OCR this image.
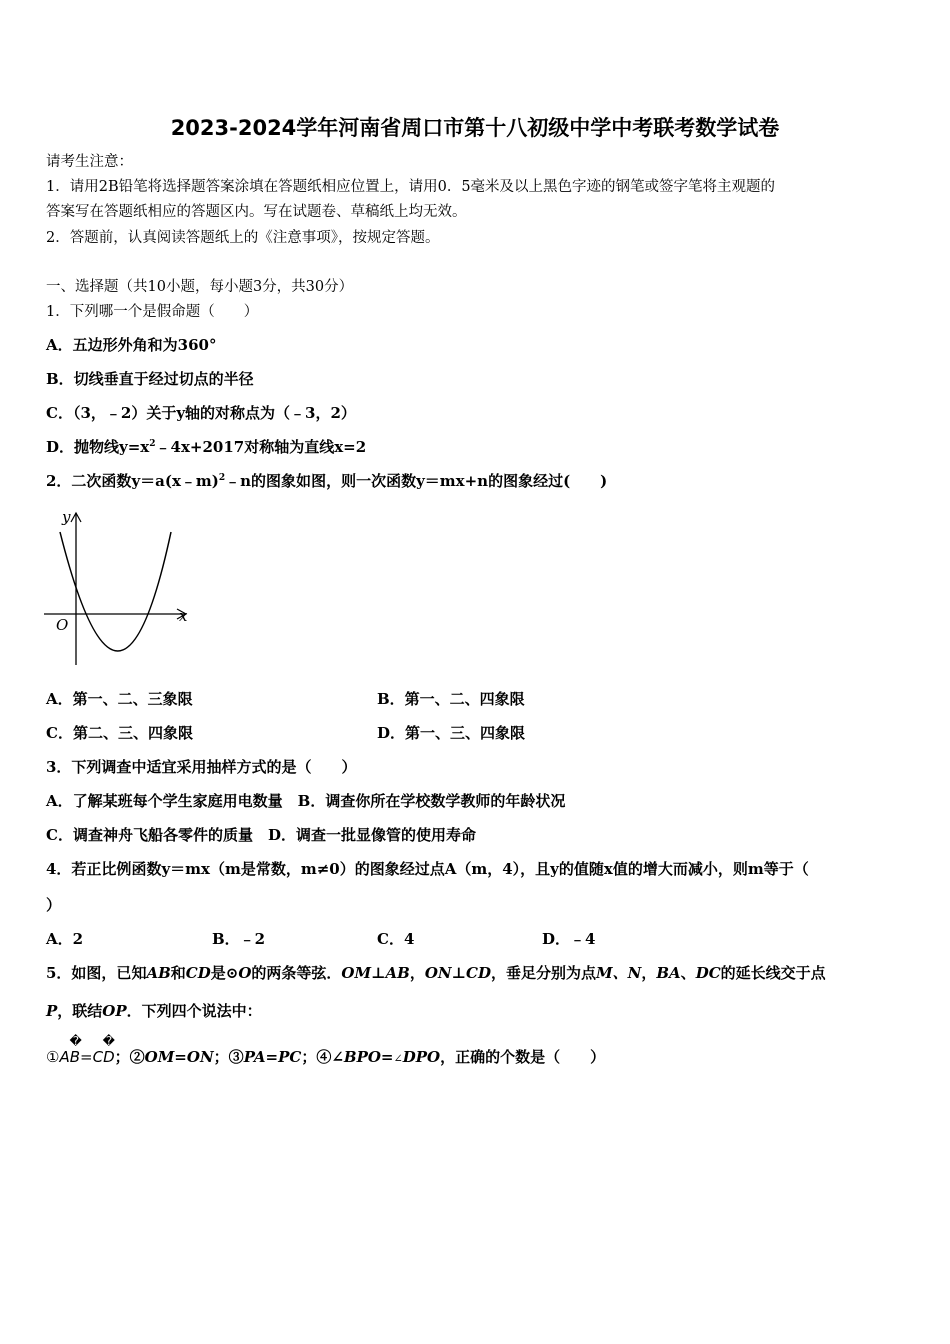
2023-2024学年河南省周口市第十八初级中学中考联考数学试卷
请考生注意：
1．请用2B铅笔将选择题答案涂填在答题纸相应位置上，请用0．5毫米及以上黑色字迹的钢笔或签字笔将主观题的
答案写在答题纸相应的答题区内。写在试题卷、草稿纸上均无效。
2．答题前，认真阅读答题纸上的《注意事项》，按规定答题。
一、选择题（共10小题，每小题3分，共30分）
1．下列哪一个是假命题（　　）
A．五边形外角和为360°
B．切线垂直于经过切点的半径
C．（3，﹣2）关于y轴的对称点为（﹣3，2）
D．抛物线$y=x^2﹣4x+2017$对称轴为直线x=2
2．二次函数y＝a(x﹣m)$^2$﹣n的图象如图，则一次函数y＝mx+n的图象经过(　　)
y
x
O
A．第一、二、三象限	B．第一、二、四象限
C．第二、三、四象限	D．第一、三、四象限
3．下列调查中适宜采用抽样方式的是（　　）
A．了解某班每个学生家庭用电数量　B．调查你所在学校数学教师的年龄状况
C．调查神舟飞船各零件的质量　D．调查一批显像管的使用寿命
4．若正比例函数y＝mx（m是常数，m≠0）的图象经过点A（m，4），且y的值随x值的增大而减小，则m等于（
）
A．2	B．﹣2	C．4	D．﹣4
5．如图，已知AB和CD是⊙O的两条等弦．OM⊥AB，ON⊥CD，垂足分别为点M、N，BA、DC的延长线交于点
P，联结OP．下列四个说法中：
①
�
AB=
�
CD；②OM=ON；③PA=PC；④∠BPO=∠DPO，正确的个数是（　　）
